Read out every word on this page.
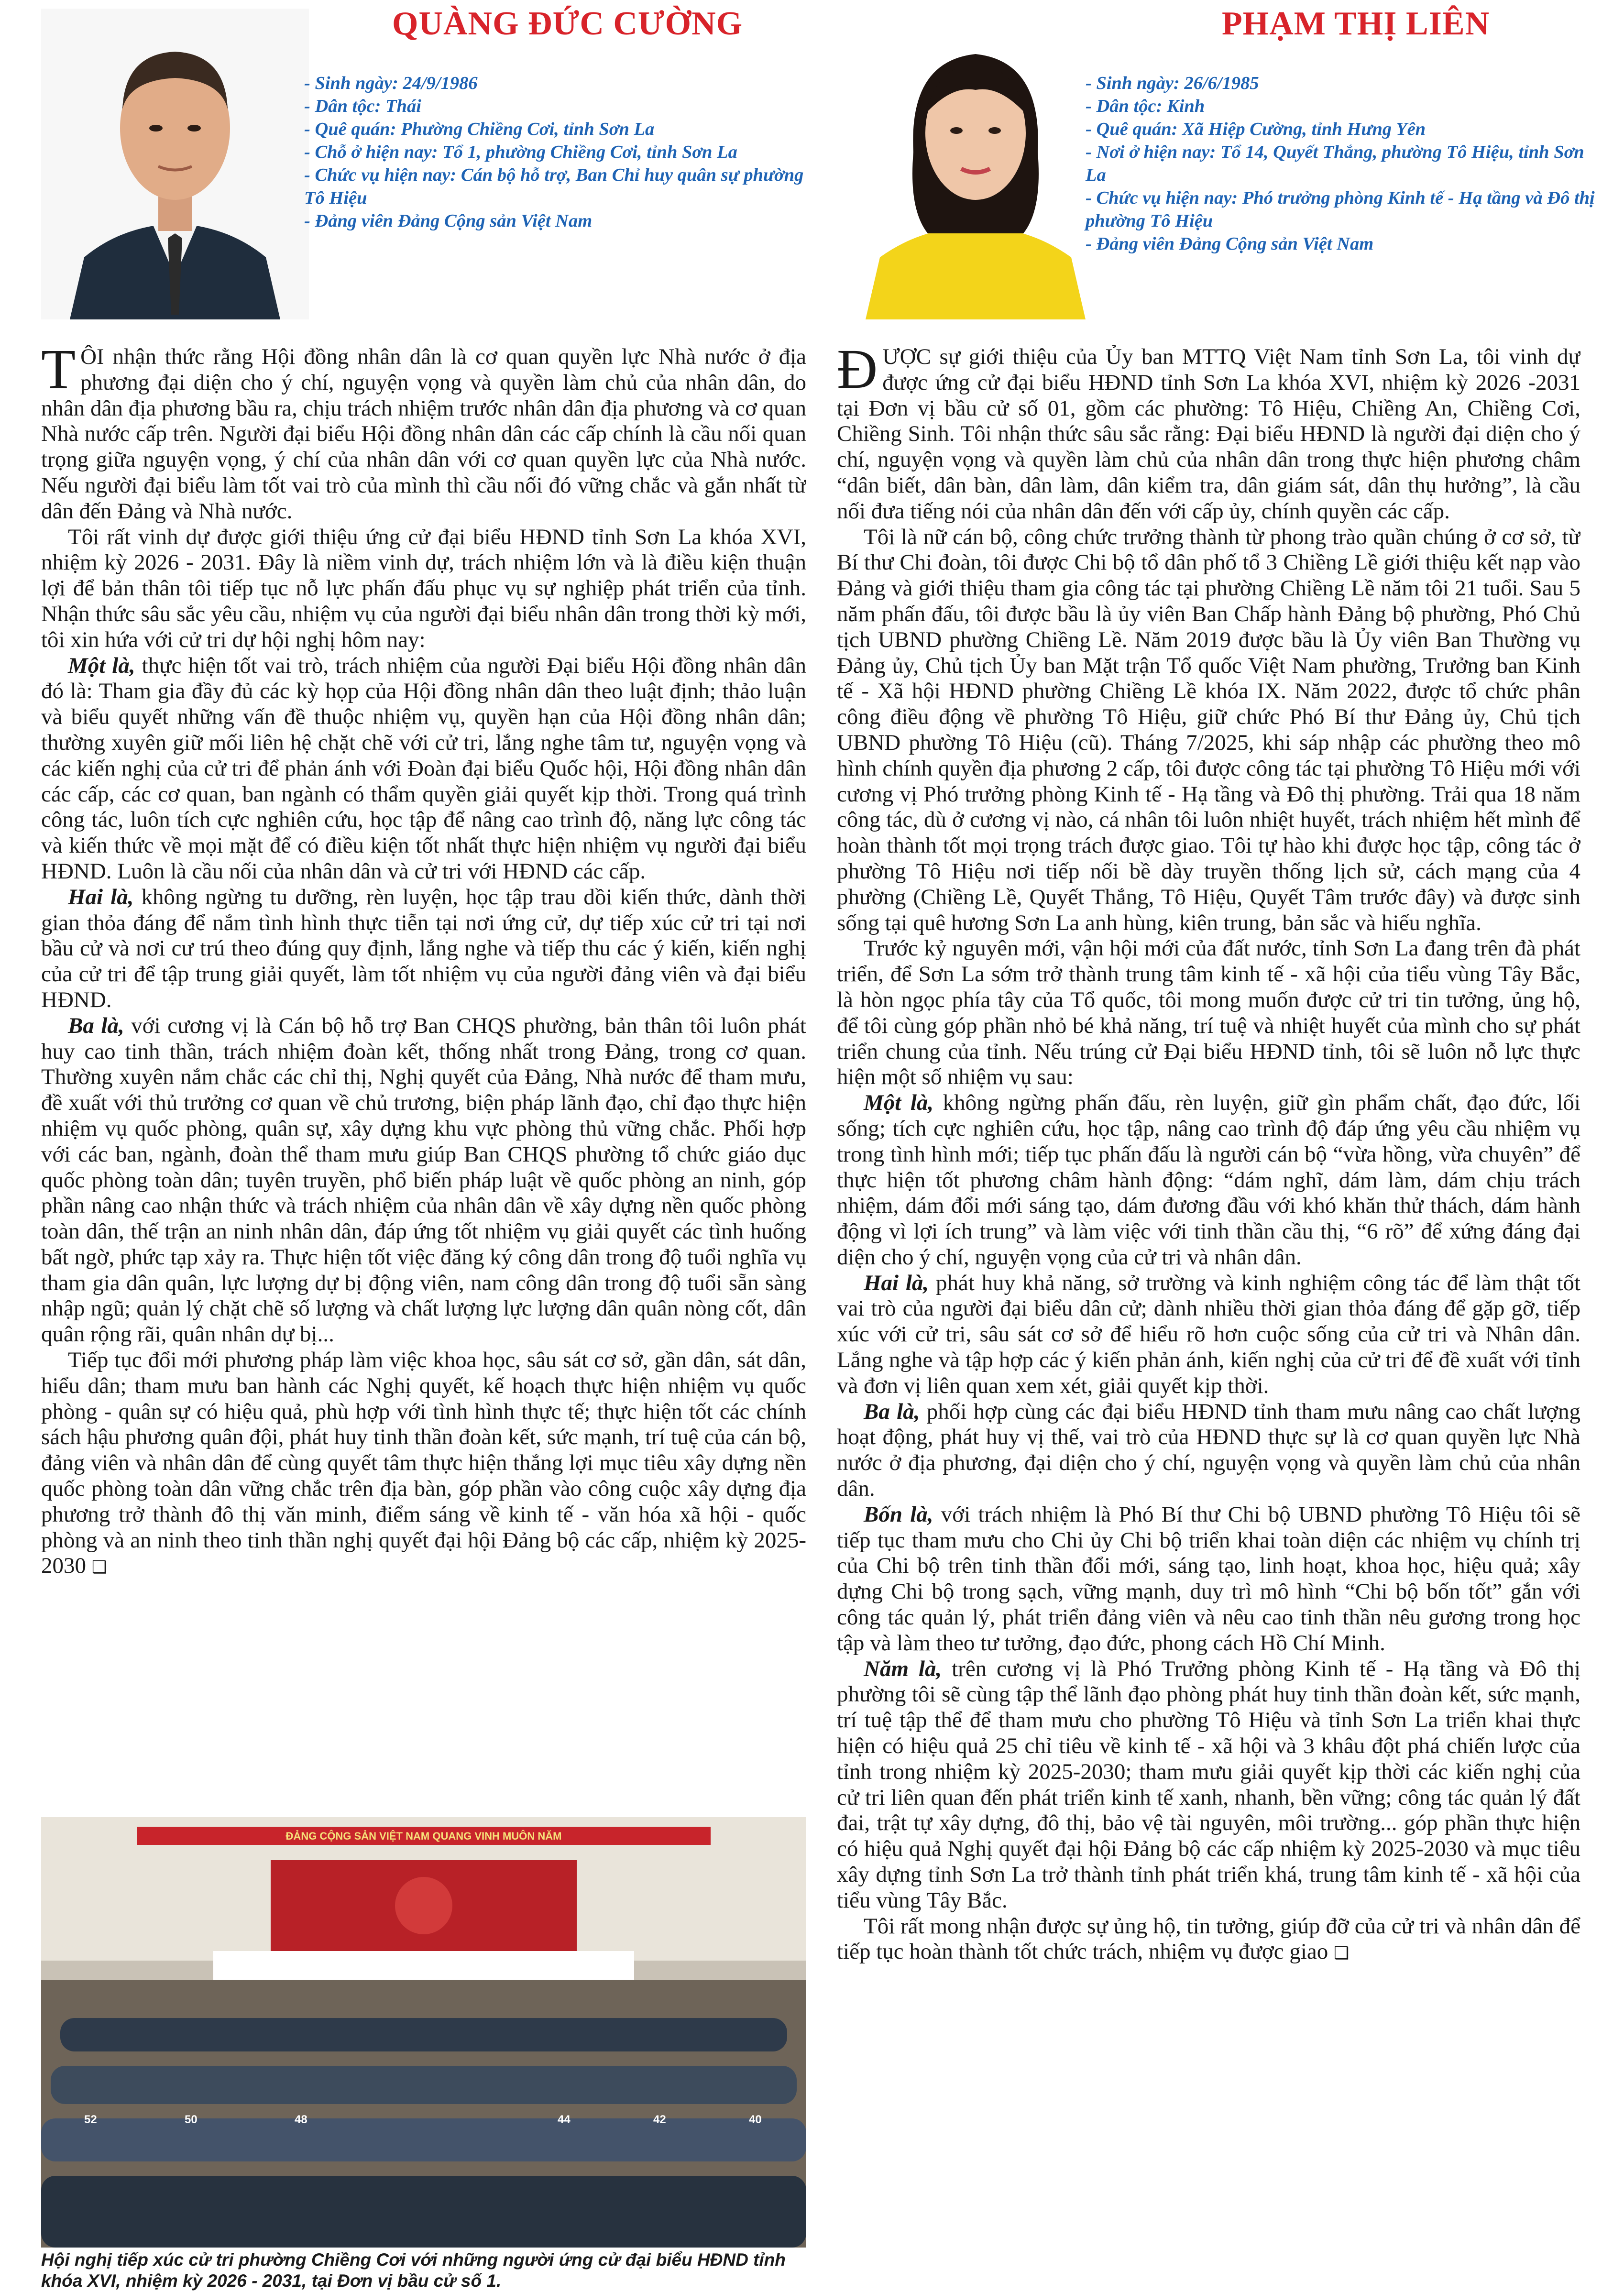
QUÀNG ĐỨC CƯỜNG
- Sinh ngày: 24/9/1986
- Dân tộc: Thái
- Quê quán: Phường Chiềng Cơi, tỉnh Sơn La
- Chỗ ở hiện nay: Tổ 1, phường Chiềng Cơi, tỉnh Sơn La
- Chức vụ hiện nay: Cán bộ hỗ trợ, Ban Chỉ huy quân sự phường Tô Hiệu
- Đảng viên Đảng Cộng sản Việt Nam
PHẠM THỊ LIÊN
- Sinh ngày: 26/6/1985
- Dân tộc: Kinh
- Quê quán: Xã Hiệp Cường, tỉnh Hưng Yên
- Nơi ở hiện nay: Tổ 14, Quyết Thắng, phường Tô Hiệu, tỉnh Sơn La
- Chức vụ hiện nay: Phó trưởng phòng Kinh tế - Hạ tầng và Đô thị phường Tô Hiệu
- Đảng viên Đảng Cộng sản Việt Nam

TÔI nhận thức rằng Hội đồng nhân dân là cơ quan quyền lực Nhà nước ở địa phương đại diện cho ý chí, nguyện vọng và quyền làm chủ của nhân dân, do nhân dân địa phương bầu ra, chịu trách nhiệm trước nhân dân địa phương và cơ quan Nhà nước cấp trên. Người đại biểu Hội đồng nhân dân các cấp chính là cầu nối quan trọng giữa nguyện vọng, ý chí của nhân dân với cơ quan quyền lực của Nhà nước. Nếu người đại biểu làm tốt vai trò của mình thì cầu nối đó vững chắc và gắn nhất từ dân đến Đảng và Nhà nước.

Tôi rất vinh dự được giới thiệu ứng cử đại biểu HĐND tỉnh Sơn La khóa XVI, nhiệm kỳ 2026 - 2031. Đây là niềm vinh dự, trách nhiệm lớn và là điều kiện thuận lợi để bản thân tôi tiếp tục nỗ lực phấn đấu phục vụ sự nghiệp phát triển của tỉnh. Nhận thức sâu sắc yêu cầu, nhiệm vụ của người đại biểu nhân dân trong thời kỳ mới, tôi xin hứa với cử tri dự hội nghị hôm nay:

Một là, thực hiện tốt vai trò, trách nhiệm của người Đại biểu Hội đồng nhân dân đó là: Tham gia đầy đủ các kỳ họp của Hội đồng nhân dân theo luật định; thảo luận và biểu quyết những vấn đề thuộc nhiệm vụ, quyền hạn của Hội đồng nhân dân; thường xuyên giữ mối liên hệ chặt chẽ với cử tri, lắng nghe tâm tư, nguyện vọng và các kiến nghị của cử tri để phản ánh với Đoàn đại biểu Quốc hội, Hội đồng nhân dân các cấp, các cơ quan, ban ngành có thẩm quyền giải quyết kịp thời. Trong quá trình công tác, luôn tích cực nghiên cứu, học tập để nâng cao trình độ, năng lực công tác và kiến thức về mọi mặt để có điều kiện tốt nhất thực hiện nhiệm vụ người đại biểu HĐND. Luôn là cầu nối của nhân dân và cử tri với HĐND các cấp.

Hai là, không ngừng tu dưỡng, rèn luyện, học tập trau dồi kiến thức, dành thời gian thỏa đáng để nắm tình hình thực tiễn tại nơi ứng cử, dự tiếp xúc cử tri tại nơi bầu cử và nơi cư trú theo đúng quy định, lắng nghe và tiếp thu các ý kiến, kiến nghị của cử tri để tập trung giải quyết, làm tốt nhiệm vụ của người đảng viên và đại biểu HĐND.

Ba là, với cương vị là Cán bộ hỗ trợ Ban CHQS phường, bản thân tôi luôn phát huy cao tinh thần, trách nhiệm đoàn kết, thống nhất trong Đảng, trong cơ quan. Thường xuyên nắm chắc các chỉ thị, Nghị quyết của Đảng, Nhà nước để tham mưu, đề xuất với thủ trưởng cơ quan về chủ trương, biện pháp lãnh đạo, chỉ đạo thực hiện nhiệm vụ quốc phòng, quân sự, xây dựng khu vực phòng thủ vững chắc. Phối hợp với các ban, ngành, đoàn thể tham mưu giúp Ban CHQS phường tổ chức giáo dục quốc phòng toàn dân; tuyên truyền, phổ biến pháp luật về quốc phòng an ninh, góp phần nâng cao nhận thức và trách nhiệm của nhân dân về xây dựng nền quốc phòng toàn dân, thế trận an ninh nhân dân, đáp ứng tốt nhiệm vụ giải quyết các tình huống bất ngờ, phức tạp xảy ra. Thực hiện tốt việc đăng ký công dân trong độ tuổi nghĩa vụ tham gia dân quân, lực lượng dự bị động viên, nam công dân trong độ tuổi sẵn sàng nhập ngũ; quản lý chặt chẽ số lượng và chất lượng lực lượng dân quân nòng cốt, dân quân rộng rãi, quân nhân dự bị...

Tiếp tục đổi mới phương pháp làm việc khoa học, sâu sát cơ sở, gần dân, sát dân, hiểu dân; tham mưu ban hành các Nghị quyết, kế hoạch thực hiện nhiệm vụ quốc phòng - quân sự có hiệu quả, phù hợp với tình hình thực tế; thực hiện tốt các chính sách hậu phương quân đội, phát huy tinh thần đoàn kết, sức mạnh, trí tuệ của cán bộ, đảng viên và nhân dân để cùng quyết tâm thực hiện thắng lợi mục tiêu xây dựng nền quốc phòng toàn dân vững chắc trên địa bàn, góp phần vào công cuộc xây dựng địa phương trở thành đô thị văn minh, điểm sáng về kinh tế - văn hóa xã hội - quốc phòng và an ninh theo tinh thần nghị quyết đại hội Đảng bộ các cấp, nhiệm kỳ 2025-2030 ❑

ĐẢNG CỘNG SẢN VIỆT NAM QUANG VINH MUÔN NĂM
52	50	48	44	42	40
Hội nghị tiếp xúc cử tri phường Chiềng Cơi với những người ứng cử đại biểu HĐND tỉnh khóa XVI, nhiệm kỳ 2026 - 2031, tại Đơn vị bầu cử số 1.

ĐƯỢC sự giới thiệu của Ủy ban MTTQ Việt Nam tỉnh Sơn La, tôi vinh dự được ứng cử đại biểu HĐND tỉnh Sơn La khóa XVI, nhiệm kỳ 2026 -2031 tại Đơn vị bầu cử số 01, gồm các phường: Tô Hiệu, Chiềng An, Chiềng Cơi, Chiềng Sinh. Tôi nhận thức sâu sắc rằng: Đại biểu HĐND là người đại diện cho ý chí, nguyện vọng và quyền làm chủ của nhân dân trong thực hiện phương châm “dân biết, dân bàn, dân làm, dân kiểm tra, dân giám sát, dân thụ hưởng”, là cầu nối đưa tiếng nói của nhân dân đến với cấp ủy, chính quyền các cấp.

Tôi là nữ cán bộ, công chức trưởng thành từ phong trào quần chúng ở cơ sở, từ Bí thư Chi đoàn, tôi được Chi bộ tổ dân phố tổ 3 Chiềng Lề giới thiệu kết nạp vào Đảng và giới thiệu tham gia công tác tại phường Chiềng Lề năm tôi 21 tuổi. Sau 5 năm phấn đấu, tôi được bầu là ủy viên Ban Chấp hành Đảng bộ phường, Phó Chủ tịch UBND phường Chiềng Lề. Năm 2019 được bầu là Ủy viên Ban Thường vụ Đảng ủy, Chủ tịch Ủy ban Mặt trận Tổ quốc Việt Nam phường, Trưởng ban Kinh tế - Xã hội HĐND phường Chiềng Lề khóa IX. Năm 2022, được tổ chức phân công điều động về phường Tô Hiệu, giữ chức Phó Bí thư Đảng ủy, Chủ tịch UBND phường Tô Hiệu (cũ). Tháng 7/2025, khi sáp nhập các phường theo mô hình chính quyền địa phương 2 cấp, tôi được công tác tại phường Tô Hiệu mới với cương vị Phó trưởng phòng Kinh tế - Hạ tầng và Đô thị phường. Trải qua 18 năm công tác, dù ở cương vị nào, cá nhân tôi luôn nhiệt huyết, trách nhiệm hết mình để hoàn thành tốt mọi trọng trách được giao. Tôi tự hào khi được học tập, công tác ở phường Tô Hiệu nơi tiếp nối bề dày truyền thống lịch sử, cách mạng của 4 phường (Chiềng Lề, Quyết Thắng, Tô Hiệu, Quyết Tâm trước đây) và được sinh sống tại quê hương Sơn La anh hùng, kiên trung, bản sắc và hiếu nghĩa.

Trước kỷ nguyên mới, vận hội mới của đất nước, tỉnh Sơn La đang trên đà phát triển, để Sơn La sớm trở thành trung tâm kinh tế - xã hội của tiểu vùng Tây Bắc, là hòn ngọc phía tây của Tổ quốc, tôi mong muốn được cử tri tin tưởng, ủng hộ, để tôi cùng góp phần nhỏ bé khả năng, trí tuệ và nhiệt huyết của mình cho sự phát triển chung của tỉnh. Nếu trúng cử Đại biểu HĐND tỉnh, tôi sẽ luôn nỗ lực thực hiện một số nhiệm vụ sau:

Một là, không ngừng phấn đấu, rèn luyện, giữ gìn phẩm chất, đạo đức, lối sống; tích cực nghiên cứu, học tập, nâng cao trình độ đáp ứng yêu cầu nhiệm vụ trong tình hình mới; tiếp tục phấn đấu là người cán bộ “vừa hồng, vừa chuyên” để thực hiện tốt phương châm hành động: “dám nghĩ, dám làm, dám chịu trách nhiệm, dám đổi mới sáng tạo, dám đương đầu với khó khăn thử thách, dám hành động vì lợi ích trung” và làm việc với tinh thần cầu thị, “6 rõ” để xứng đáng đại diện cho ý chí, nguyện vọng của cử tri và nhân dân.

Hai là, phát huy khả năng, sở trường và kinh nghiệm công tác để làm thật tốt vai trò của người đại biểu dân cử; dành nhiều thời gian thỏa đáng để gặp gỡ, tiếp xúc với cử tri, sâu sát cơ sở để hiểu rõ hơn cuộc sống của cử tri và Nhân dân. Lắng nghe và tập hợp các ý kiến phản ánh, kiến nghị của cử tri để đề xuất với tỉnh và đơn vị liên quan xem xét, giải quyết kịp thời.

Ba là, phối hợp cùng các đại biểu HĐND tỉnh tham mưu nâng cao chất lượng hoạt động, phát huy vị thế, vai trò của HĐND thực sự là cơ quan quyền lực Nhà nước ở địa phương, đại diện cho ý chí, nguyện vọng và quyền làm chủ của nhân dân.

Bốn là, với trách nhiệm là Phó Bí thư Chi bộ UBND phường Tô Hiệu tôi sẽ tiếp tục tham mưu cho Chi ủy Chi bộ triển khai toàn diện các nhiệm vụ chính trị của Chi bộ trên tinh thần đổi mới, sáng tạo, linh hoạt, khoa học, hiệu quả; xây dựng Chi bộ trong sạch, vững mạnh, duy trì mô hình “Chi bộ bốn tốt” gắn với công tác quản lý, phát triển đảng viên và nêu cao tinh thần nêu gương trong học tập và làm theo tư tưởng, đạo đức, phong cách Hồ Chí Minh.

Năm là, trên cương vị là Phó Trưởng phòng Kinh tế - Hạ tầng và Đô thị phường tôi sẽ cùng tập thể lãnh đạo phòng phát huy tinh thần đoàn kết, sức mạnh, trí tuệ tập thể để tham mưu cho phường Tô Hiệu và tỉnh Sơn La triển khai thực hiện có hiệu quả 25 chỉ tiêu về kinh tế - xã hội và 3 khâu đột phá chiến lược của tỉnh trong nhiệm kỳ 2025-2030; tham mưu giải quyết kịp thời các kiến nghị của cử tri liên quan đến phát triển kinh tế xanh, nhanh, bền vững; công tác quản lý đất đai, trật tự xây dựng, đô thị, bảo vệ tài nguyên, môi trường... góp phần thực hiện có hiệu quả Nghị quyết đại hội Đảng bộ các cấp nhiệm kỳ 2025-2030 và mục tiêu xây dựng tỉnh Sơn La trở thành tỉnh phát triển khá, trung tâm kinh tế - xã hội của tiểu vùng Tây Bắc.

Tôi rất mong nhận được sự ủng hộ, tin tưởng, giúp đỡ của cử tri và nhân dân để tiếp tục hoàn thành tốt chức trách, nhiệm vụ được giao ❑
